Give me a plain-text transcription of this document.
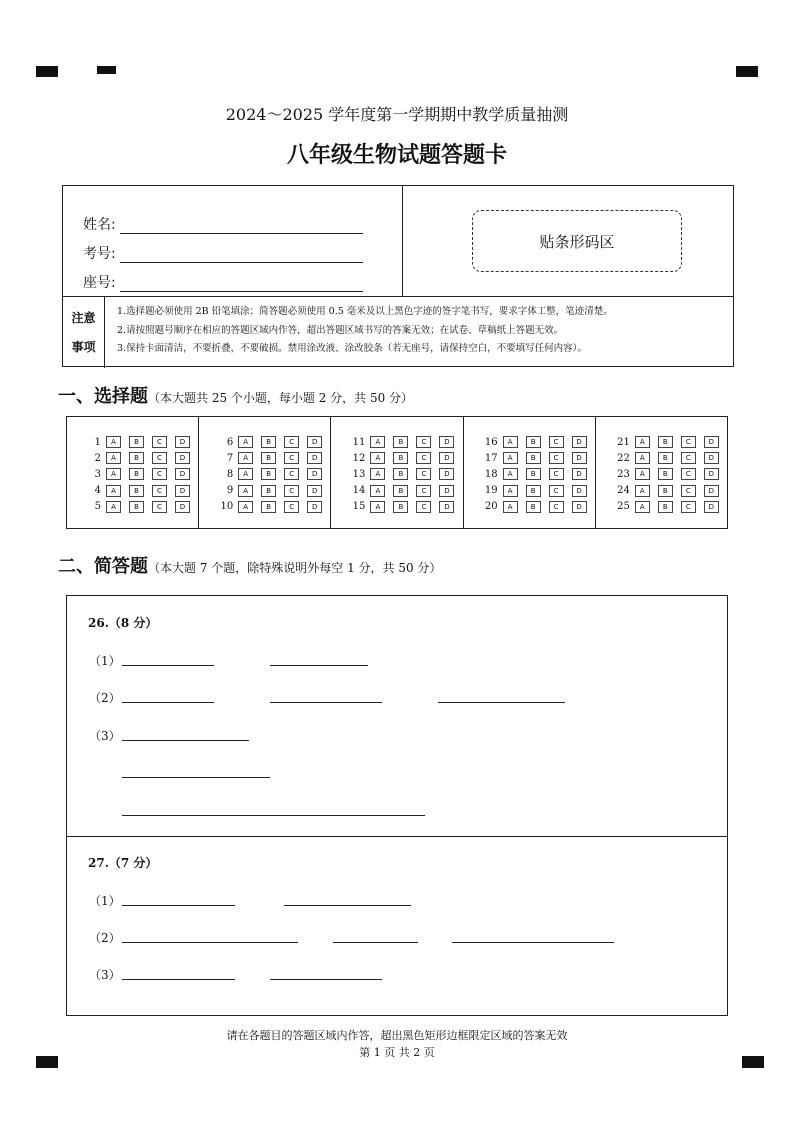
2024～2025 学年度第一学期期中教学质量抽测
八年级生物试题答题卡
姓名:
考号:
座号:
贴条形码区
注意
事项
1.选择题必须使用 2B 铅笔填涂；简答题必须使用 0.5 毫米及以上黑色字迹的签字笔书写，要求字体工整，笔迹清楚。
2.请按照题号顺序在相应的答题区域内作答，超出答题区域书写的答案无效；在试卷、草稿纸上答题无效。
3.保持卡面清洁，不要折叠，不要破损。禁用涂改液、涂改胶条（若无座号，请保持空白，不要填写任何内容）。
一、选择题（本大题共 25 个小题，每小题 2 分，共 50 分）
1	A	B	C	D
2	A	B	C	D
3	A	B	C	D
4	A	B	C	D
5	A	B	C	D
6	A	B	C	D
7	A	B	C	D
8	A	B	C	D
9	A	B	C	D
10	A	B	C	D
11	A	B	C	D
12	A	B	C	D
13	A	B	C	D
14	A	B	C	D
15	A	B	C	D
16	A	B	C	D
17	A	B	C	D
18	A	B	C	D
19	A	B	C	D
20	A	B	C	D
21	A	B	C	D
22	A	B	C	D
23	A	B	C	D
24	A	B	C	D
25	A	B	C	D
二、简答题（本大题 7 个题，除特殊说明外每空 1 分，共 50 分）
26.（8 分）
（1）
（2）
（3）
27.（7 分）
（1）
（2）
（3）
请在各题目的答题区域内作答，超出黑色矩形边框限定区域的答案无效
第 1 页 共 2 页
